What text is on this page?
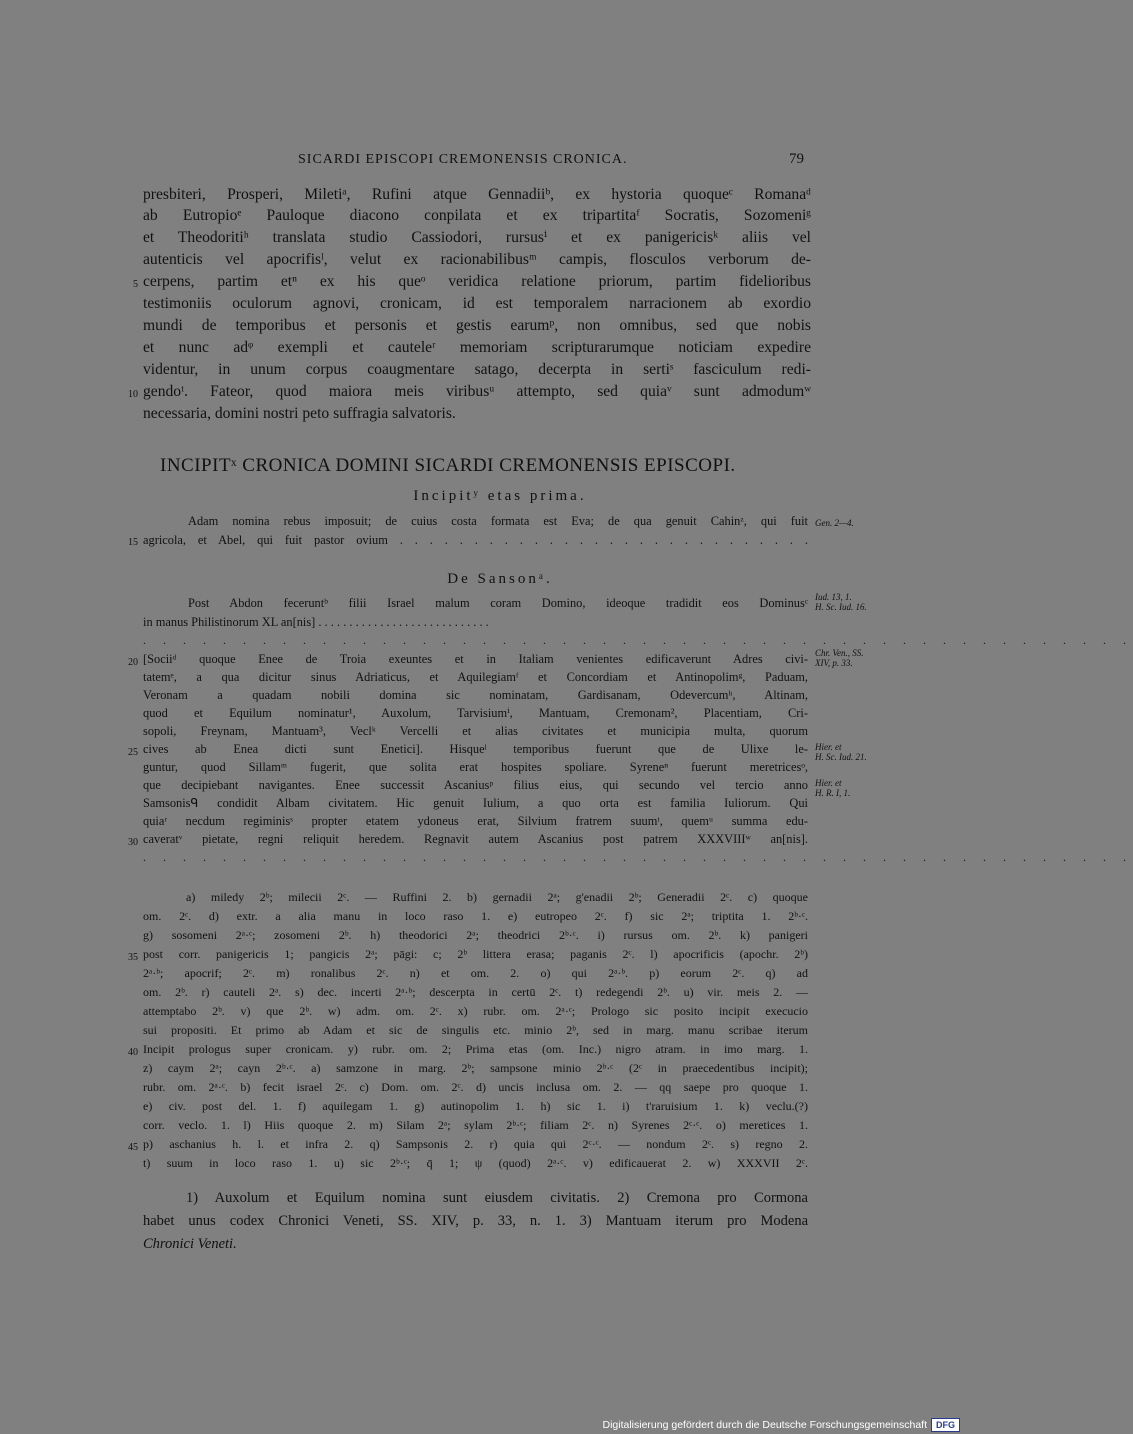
SICARDI EPISCOPI CREMONENSIS CRONICA.	79
presbiteri, Prosperi, Miletiᵃ, Rufini atque Gennadiiᵇ, ex hystoria quoqueᶜ Romanaᵈ
ab Eutropioᵉ Pauloque diacono conpilata et ex tripartitaᶠ Socratis, Sozomeniᵍ
et Theodoritiʰ translata studio Cassiodori, rursusⁱ et ex panigericisᵏ aliis vel
autenticis vel apocrifisˡ, velut ex racionabilibusᵐ campis, flosculos verborum de-
5 cerpens, partim etⁿ ex his queᵒ veridica relatione priorum, partim fidelioribus
testimoniis oculorum agnovi, cronicam, id est temporalem narracionem ab exordio
mundi de temporibus et personis et gestis earumᵖ, non omnibus, sed que nobis
et nunc adᵠ exempli et cauteleʳ memoriam scripturarumque noticiam expedire
videntur, in unum corpus coaugmentare satago, decerpta in sertiˢ fasciculum redi-
10 gendoᵗ. Fateor, quod maiora meis viribusᵘ attempto, sed quiaᵛ sunt admodumʷ
necessaria, domini nostri peto suffragia salvatoris.
INCIPITˣ CRONICA DOMINI SICARDI CREMONENSIS EPISCOPI.
Incipitʸ etas prima.
Adam nomina rebus imposuit; de cuius costa formata est Eva; de qua genuit Cahinᶻ, qui fuit Gen. 2—4.
15 agricola, et Abel, qui fuit pastor ovium . . . . . . . . . . . . . . . . . . . . . . . . . . . .
De Sansonᵃ.
Post Abdon feceruntᵇ filii Israel malum coram Domino, ideoque tradidit eos Dominusᶜ Iud. 13, 1.
H. Sc. Iud. 16.
in manus Philistinorum XL an[nis] . . . . . . . . . . . . . . . . . . . . . . . . . . . .
. . . . . . . . . . . . . . . . . . . . . . . . . . . . . . . . . . . . . . . . . . . . . . . . . .
20 [Sociiᵈ quoque Enee de Troia exeuntes et in Italiam venientes edificaverunt Adres civi- Chr. Ven., SS.
XIV, p. 33.
tatemᵉ, a qua dicitur sinus Adriaticus, et Aquilegiamᶠ et Concordiam et Antinopolimᵍ, Paduam,
Veronam a quadam nobili domina sic nominatam, Gardisanam, Odeverᴄumʰ, Altinam,
quod et Equilum nominatur¹, Auxolum, Tarvisiumⁱ, Mantuam, Cremonam², Placentiam, Cri-
sopoli, Freynam, Mantuam³, Veclᵏ Vercelli et alias civitates et municipia multa, quorum
25 cives ab Enea dicti sunt Enetici]. Hisqueˡ temporibus fuerunt que de Ulixe le- Hier. et
H. Sc. Iud. 21.
guntur, quod Sillamᵐ fugerit, que solita erat hospites spoliare. Syreneⁿ fuerunt meretricesᵒ,
que decipiebant navigantes. Enee successit Ascaniusᵖ filius eius, qui secundo vel tercio anno Hier. et
H. R. I, 1.
Samsonisᑫ condidit Albam civitatem. Hic genuit Iulium, a quo orta est familia Iuliorum. Qui
quiaʳ necdum regiminisˢ propter etatem ydoneus erat, Silvium fratrem suumᵗ, quemᵘ summa edu-
30 caveratᵛ pietate, regni reliquit heredem. Regnavit autem Ascanius post patrem XXXVIIIʷ an[nis].
. . . . . . . . . . . . . . . . . . . . . . . . . . . . . . . . . . . . . . . . . . . . . . . . . .
a) miledy 2ᵇ; milecii 2ᶜ. — Ruffini 2. b) gernadii 2ᵃ; g'enadii 2ᵇ; Generadii 2ᶜ. c) quoque
om. 2ᶜ. d) extr. a alia manu in loco raso 1. e) eutropeo 2ᶜ. f) sic 2ᵃ; triptita 1. 2ᵇ·ᶜ.
g) sosomeni 2ᵃ·ᶜ; zosomeni 2ᵇ. h) theodorici 2ᵃ; theodrici 2ᵇ·ᶜ. i) rursus om. 2ᵇ. k) panigeri
35 post corr. panigericis 1; pangicis 2ᵃ; pāgi: c; 2ᵇ littera erasa; paganis 2ᶜ. l) apocrificis (apochr. 2ᵇ)
2ᵃ·ᵇ; apocrif; 2ᶜ. m) ronalibus 2ᶜ. n) et om. 2. o) qui 2ᵃ·ᵇ. p) eorum 2ᶜ. q) ad
om. 2ᵇ. r) cauteli 2ᵃ. s) dec. incerti 2ᵃ·ᵇ; descerpta in certū 2ᶜ. t) redegendi 2ᵇ. u) vir. meis 2. —
attemptabo 2ᵇ. v) que 2ᵇ. w) adm. om. 2ᶜ. x) rubr. om. 2ᵃ·ᶜ; Prologo sic posito incipit execucio
sui propositi. Et primo ab Adam et sic de singulis etc. minio 2ᵇ, sed in marg. manu scribae iterum
40 Incipit prologus super cronicam. y) rubr. om. 2; Prima etas (om. Inc.) nigro atram. in imo marg. 1.
z) caym 2ᵃ; cayn 2ᵇ·ᶜ. a) samzone in marg. 2ᵇ; sampsone minio 2ᵇ·ᶜ (2ᶜ in praecedentibus incipit);
rubr. om. 2ᵃ·ᶜ. b) fecit israel 2ᶜ. c) Dom. om. 2ᶜ. d) uncis inclusa om. 2. — qq saepe pro quoque 1.
e) civ. post del. 1. f) aquilegam 1. g) autinopolim 1. h) sic 1. i) t'raruisium 1. k) veclu.(?)
corr. veclo. 1. l) Hiis quoque 2. m) Silam 2ᵃ; sylam 2ᵇ·ᶜ; filiam 2ᶜ. n) Syrenes 2ᶜ·ᶜ. o) meretices 1.
45 p) aschanius h. l. et infra 2. q) Sampsonis 2. r) quia qui 2ᶜ·ᶜ. — nondum 2ᶜ. s) regno 2.
t) suum in loco raso 1. u) sic 2ᵇ·ᶜ; q̄ 1; ψ (quod) 2ᵃ·ᶜ. v) edificauerat 2. w) XXXVII 2ᶜ.
1) Auxolum et Equilum nomina sunt eiusdem civitatis. 2) Cremona pro Cormona
habet unus codex Chronici Veneti, SS. XIV, p. 33, n. 1. 3) Mantuam iterum pro Modena
Chronici Veneti.
Digitalisierung gefördert durch die Deutsche Forschungsgemeinschaft	DFG
